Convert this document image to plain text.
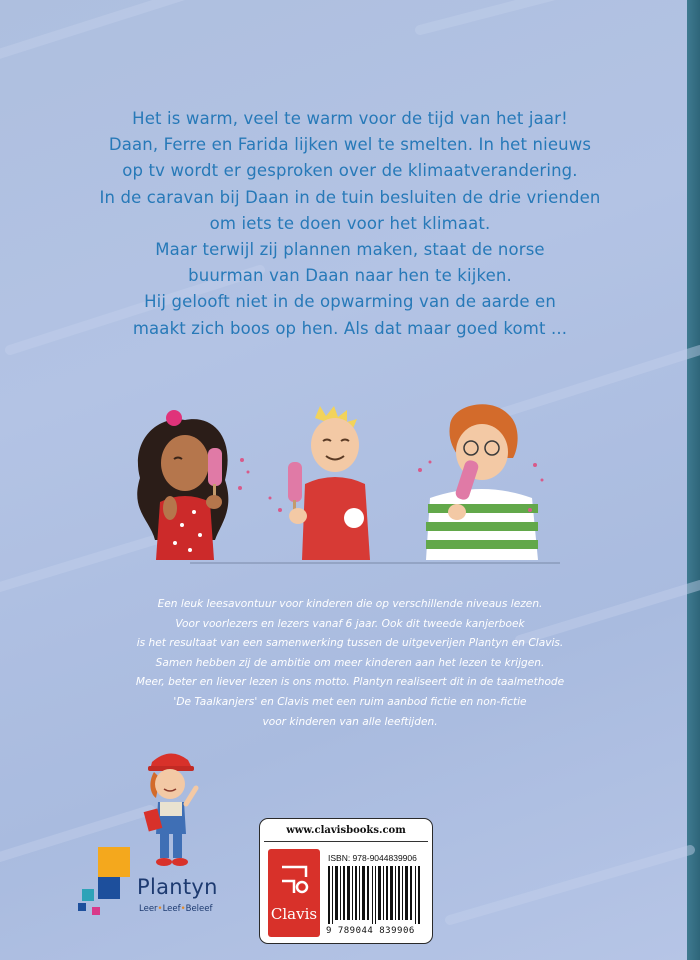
Het is warm, veel te warm voor de tijd van het jaar!
Daan, Ferre en Farida lijken wel te smelten. In het nieuws
op tv wordt er gesproken over de klimaatverandering.
In de caravan bij Daan in de tuin besluiten de drie vrienden
om iets te doen voor het klimaat.
Maar terwijl zij plannen maken, staat de norse
buurman van Daan naar hen te kijken.
Hij gelooft niet in de opwarming van de aarde en
maakt zich boos op hen. Als dat maar goed komt ...
Een leuk leesavontuur voor kinderen die op verschillende niveaus lezen.
Voor voorlezers en lezers vanaf 6 jaar. Ook dit tweede kanjerboek
is het resultaat van een samenwerking tussen de uitgeverijen Plantyn en Clavis.
Samen hebben zij de ambitie om meer kinderen aan het lezen te krijgen.
Meer, beter en liever lezen is ons motto. Plantyn realiseert dit in de taalmethode
'De Taalkanjers' en Clavis met een ruim aanbod fictie en non-fictie
voor kinderen van alle leeftijden.
Plantyn
Leer•Leef•Beleef
www.clavisbooks.com
Clavis
ISBN: 978-9044839906
9 789044 839906
